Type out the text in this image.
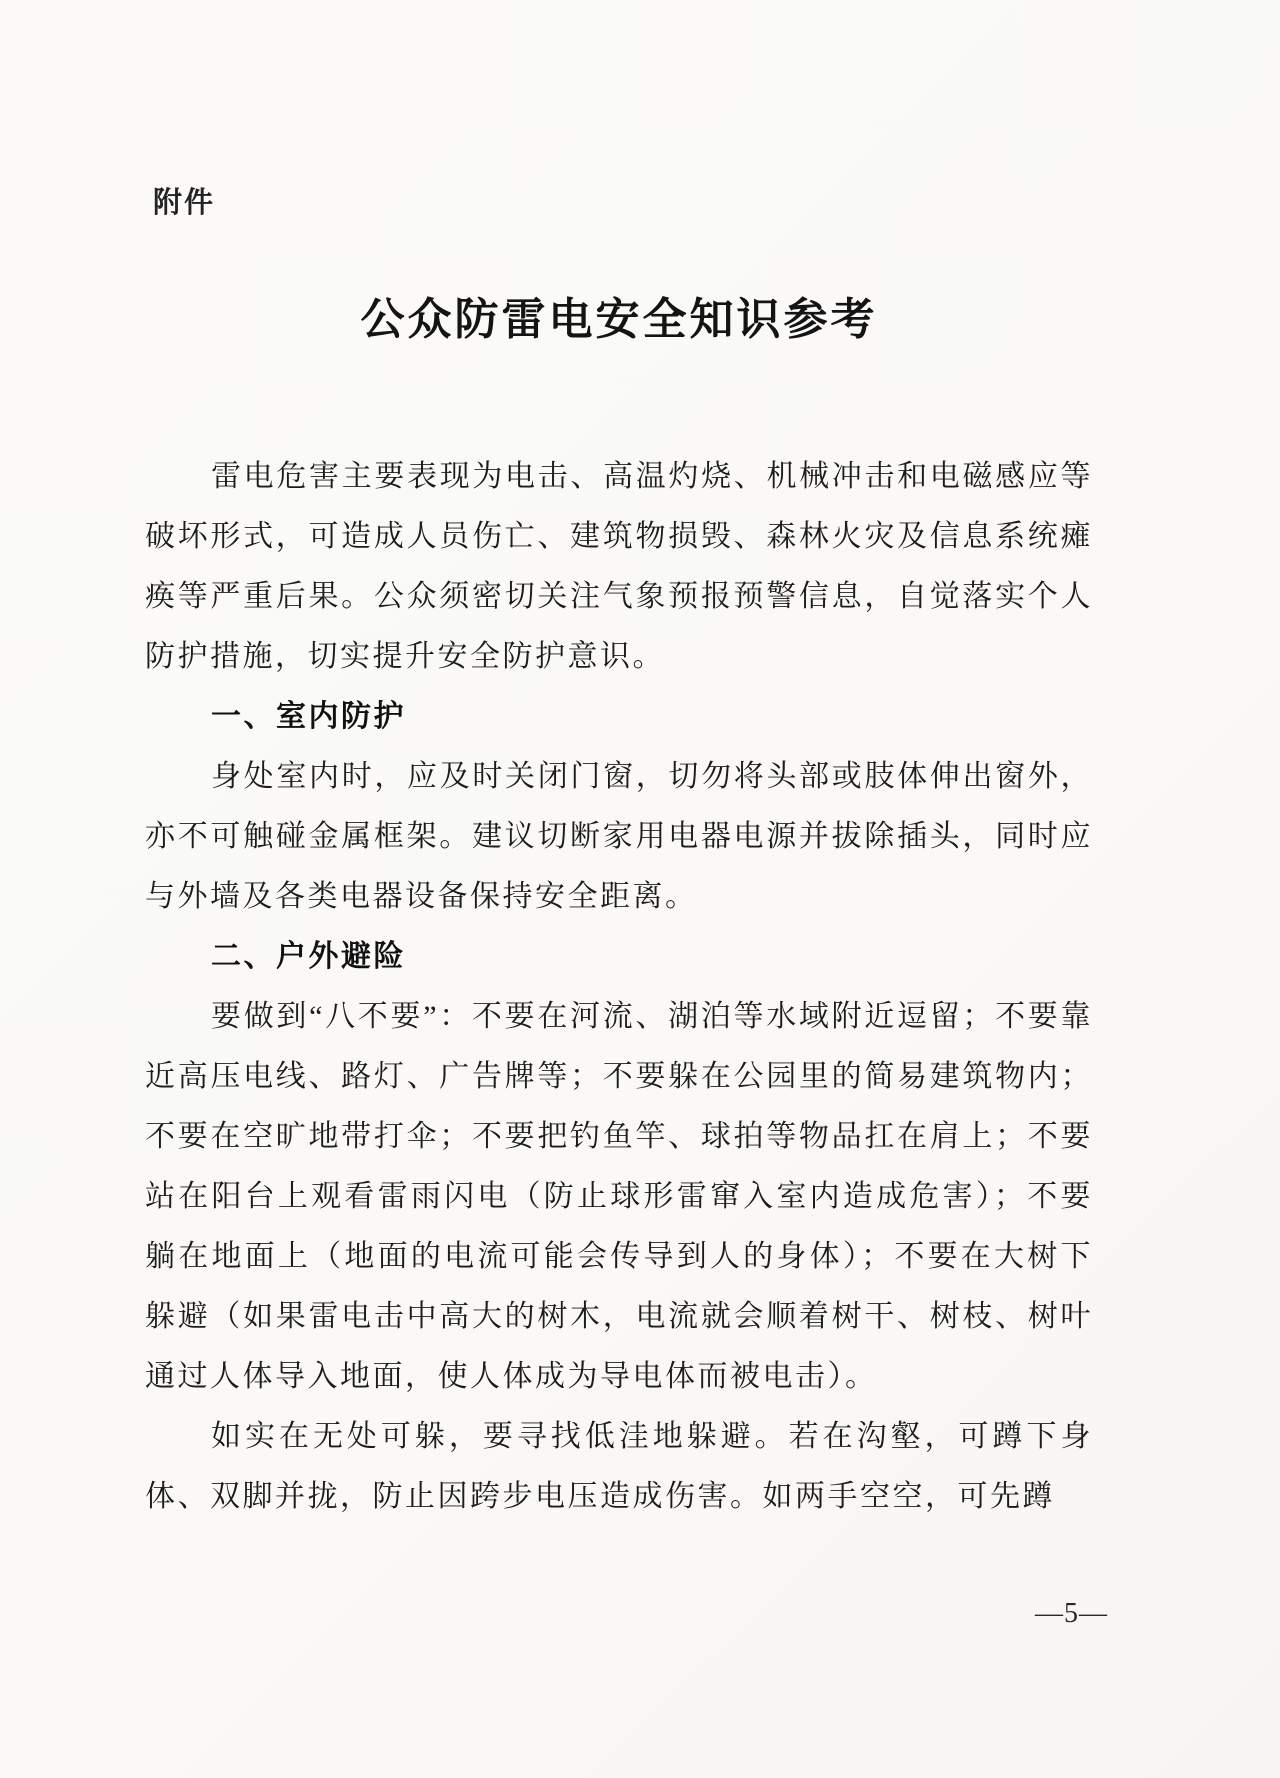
附件
公众防雷电安全知识参考

雷电危害主要表现为电击、高温灼烧、机械冲击和电磁感应等破坏形式，可造成人员伤亡、建筑物损毁、森林火灾及信息系统瘫痪等严重后果。公众须密切关注气象预报预警信息，自觉落实个人防护措施，切实提升安全防护意识。

一、室内防护

身处室内时，应及时关闭门窗，切勿将头部或肢体伸出窗外，亦不可触碰金属框架。建议切断家用电器电源并拔除插头，同时应与外墙及各类电器设备保持安全距离。

二、户外避险

要做到“八不要”：不要在河流、湖泊等水域附近逗留；不要靠近高压电线、路灯、广告牌等；不要躲在公园里的简易建筑物内；不要在空旷地带打伞；不要把钓鱼竿、球拍等物品扛在肩上；不要站在阳台上观看雷雨闪电（防止球形雷窜入室内造成危害）；不要躺在地面上（地面的电流可能会传导到人的身体）；不要在大树下躲避（如果雷电击中高大的树木，电流就会顺着树干、树枝、树叶通过人体导入地面，使人体成为导电体而被电击）。

如实在无处可躲，要寻找低洼地躲避。若在沟壑，可蹲下身体、双脚并拢，防止因跨步电压造成伤害。如两手空空，可先蹲

—5—
